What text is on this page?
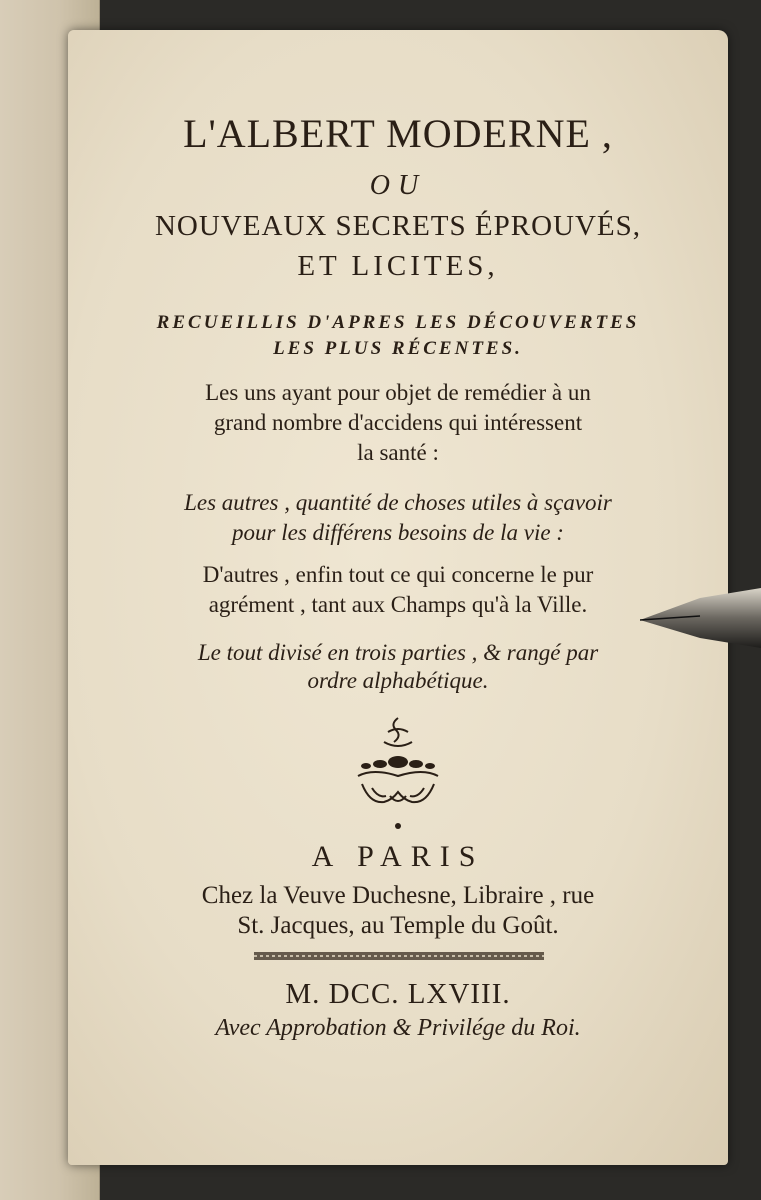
L'ALBERT MODERNE ,
OU
NOUVEAUX SECRETS ÉPROUVÉS,
ET LICITES,
RECUEILLIS D'APRES LES DÉCOUVERTES
LES PLUS RÉCENTES.
Les uns ayant pour objet de remédier à un
grand nombre d'accidens qui intéressent
la santé :
Les autres , quantité de choses utiles à sçavoir
pour les différens besoins de la vie :
D'autres , enfin tout ce qui concerne le pur
agrément , tant aux Champs qu'à la Ville.
Le tout divisé en trois parties , & rangé par
ordre alphabétique.
A PARIS
Chez la Veuve Duchesne, Libraire , rue
St. Jacques, au Temple du Goût.
M. DCC. LXVIII.
Avec Approbation & Privilége du Roi.
